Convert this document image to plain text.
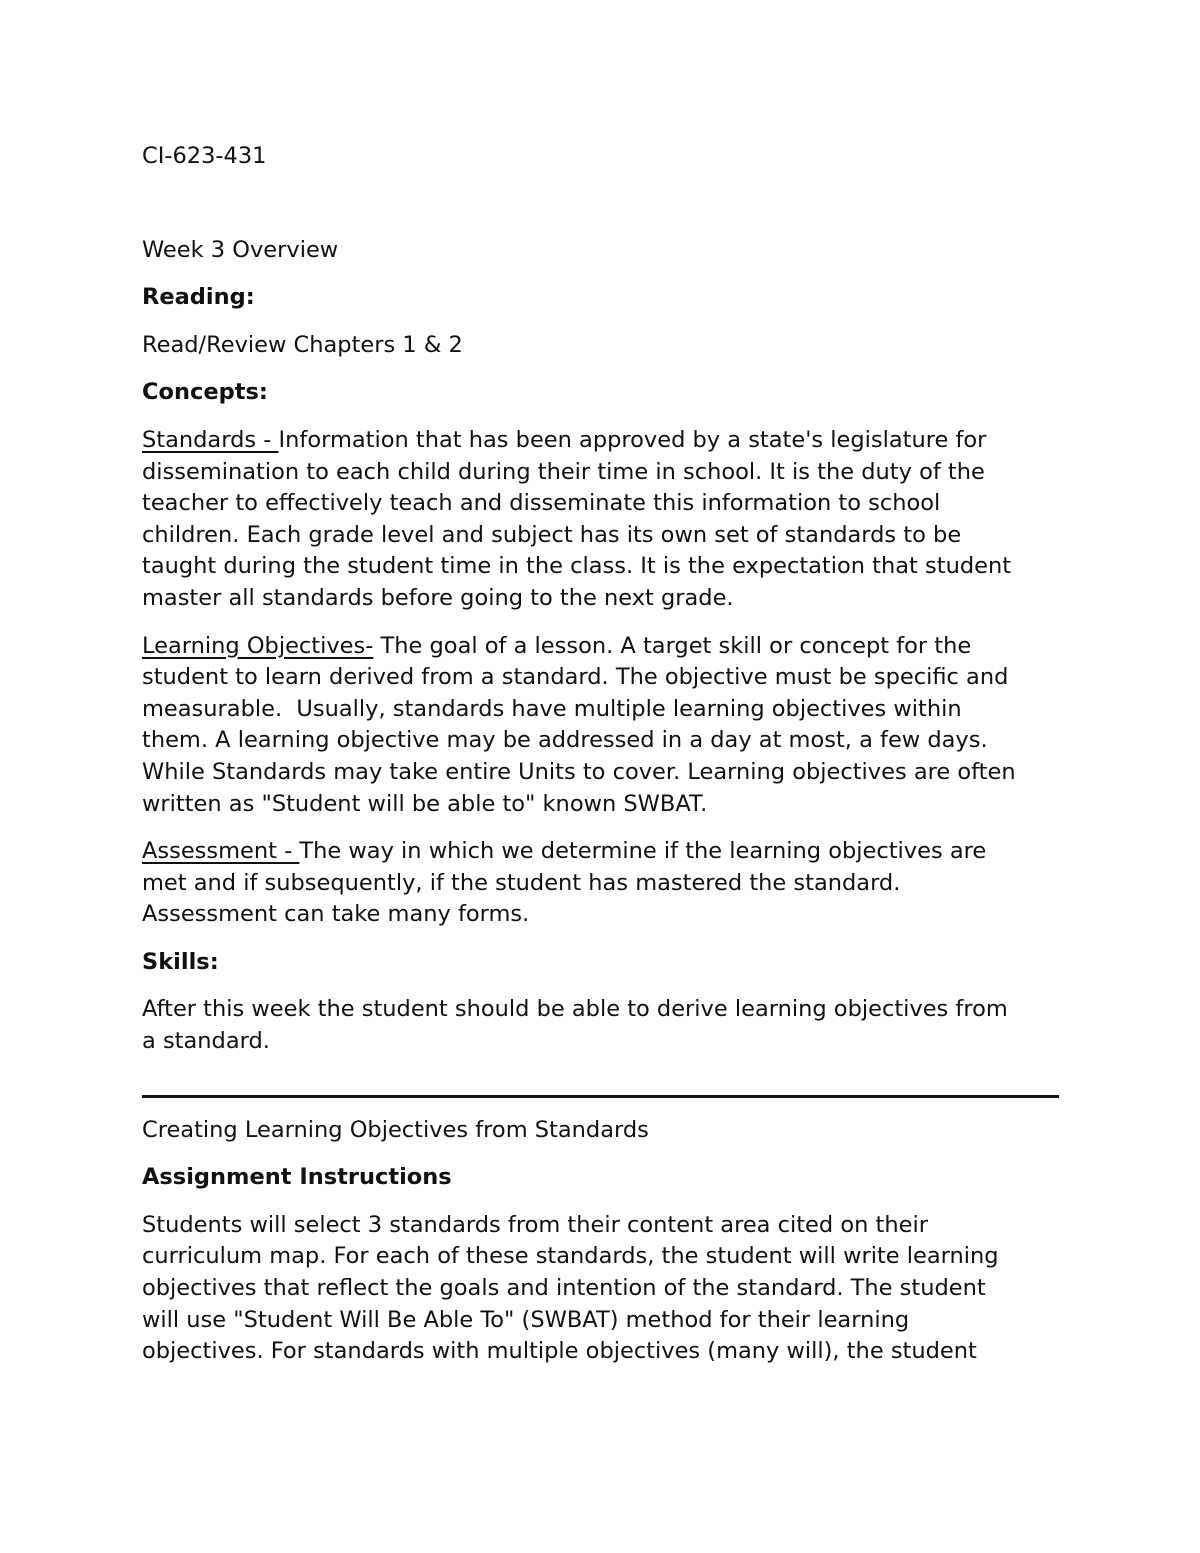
CI-623-431
Week 3 Overview
Reading:
Read/Review Chapters 1 & 2
Concepts:
Standards - Information that has been approved by a state's legislature for
dissemination to each child during their time in school. It is the duty of the
teacher to effectively teach and disseminate this information to school
children. Each grade level and subject has its own set of standards to be
taught during the student time in the class. It is the expectation that student
master all standards before going to the next grade.
Learning Objectives- The goal of a lesson. A target skill or concept for the
student to learn derived from a standard. The objective must be specific and
measurable.  Usually, standards have multiple learning objectives within
them. A learning objective may be addressed in a day at most, a few days.
While Standards may take entire Units to cover. Learning objectives are often
written as "Student will be able to" known SWBAT.
Assessment - The way in which we determine if the learning objectives are
met and if subsequently, if the student has mastered the standard.
Assessment can take many forms.
Skills:
After this week the student should be able to derive learning objectives from
a standard.
Creating Learning Objectives from Standards
Assignment Instructions
Students will select 3 standards from their content area cited on their
curriculum map. For each of these standards, the student will write learning
objectives that reflect the goals and intention of the standard. The student
will use "Student Will Be Able To" (SWBAT) method for their learning
objectives. For standards with multiple objectives (many will), the student
